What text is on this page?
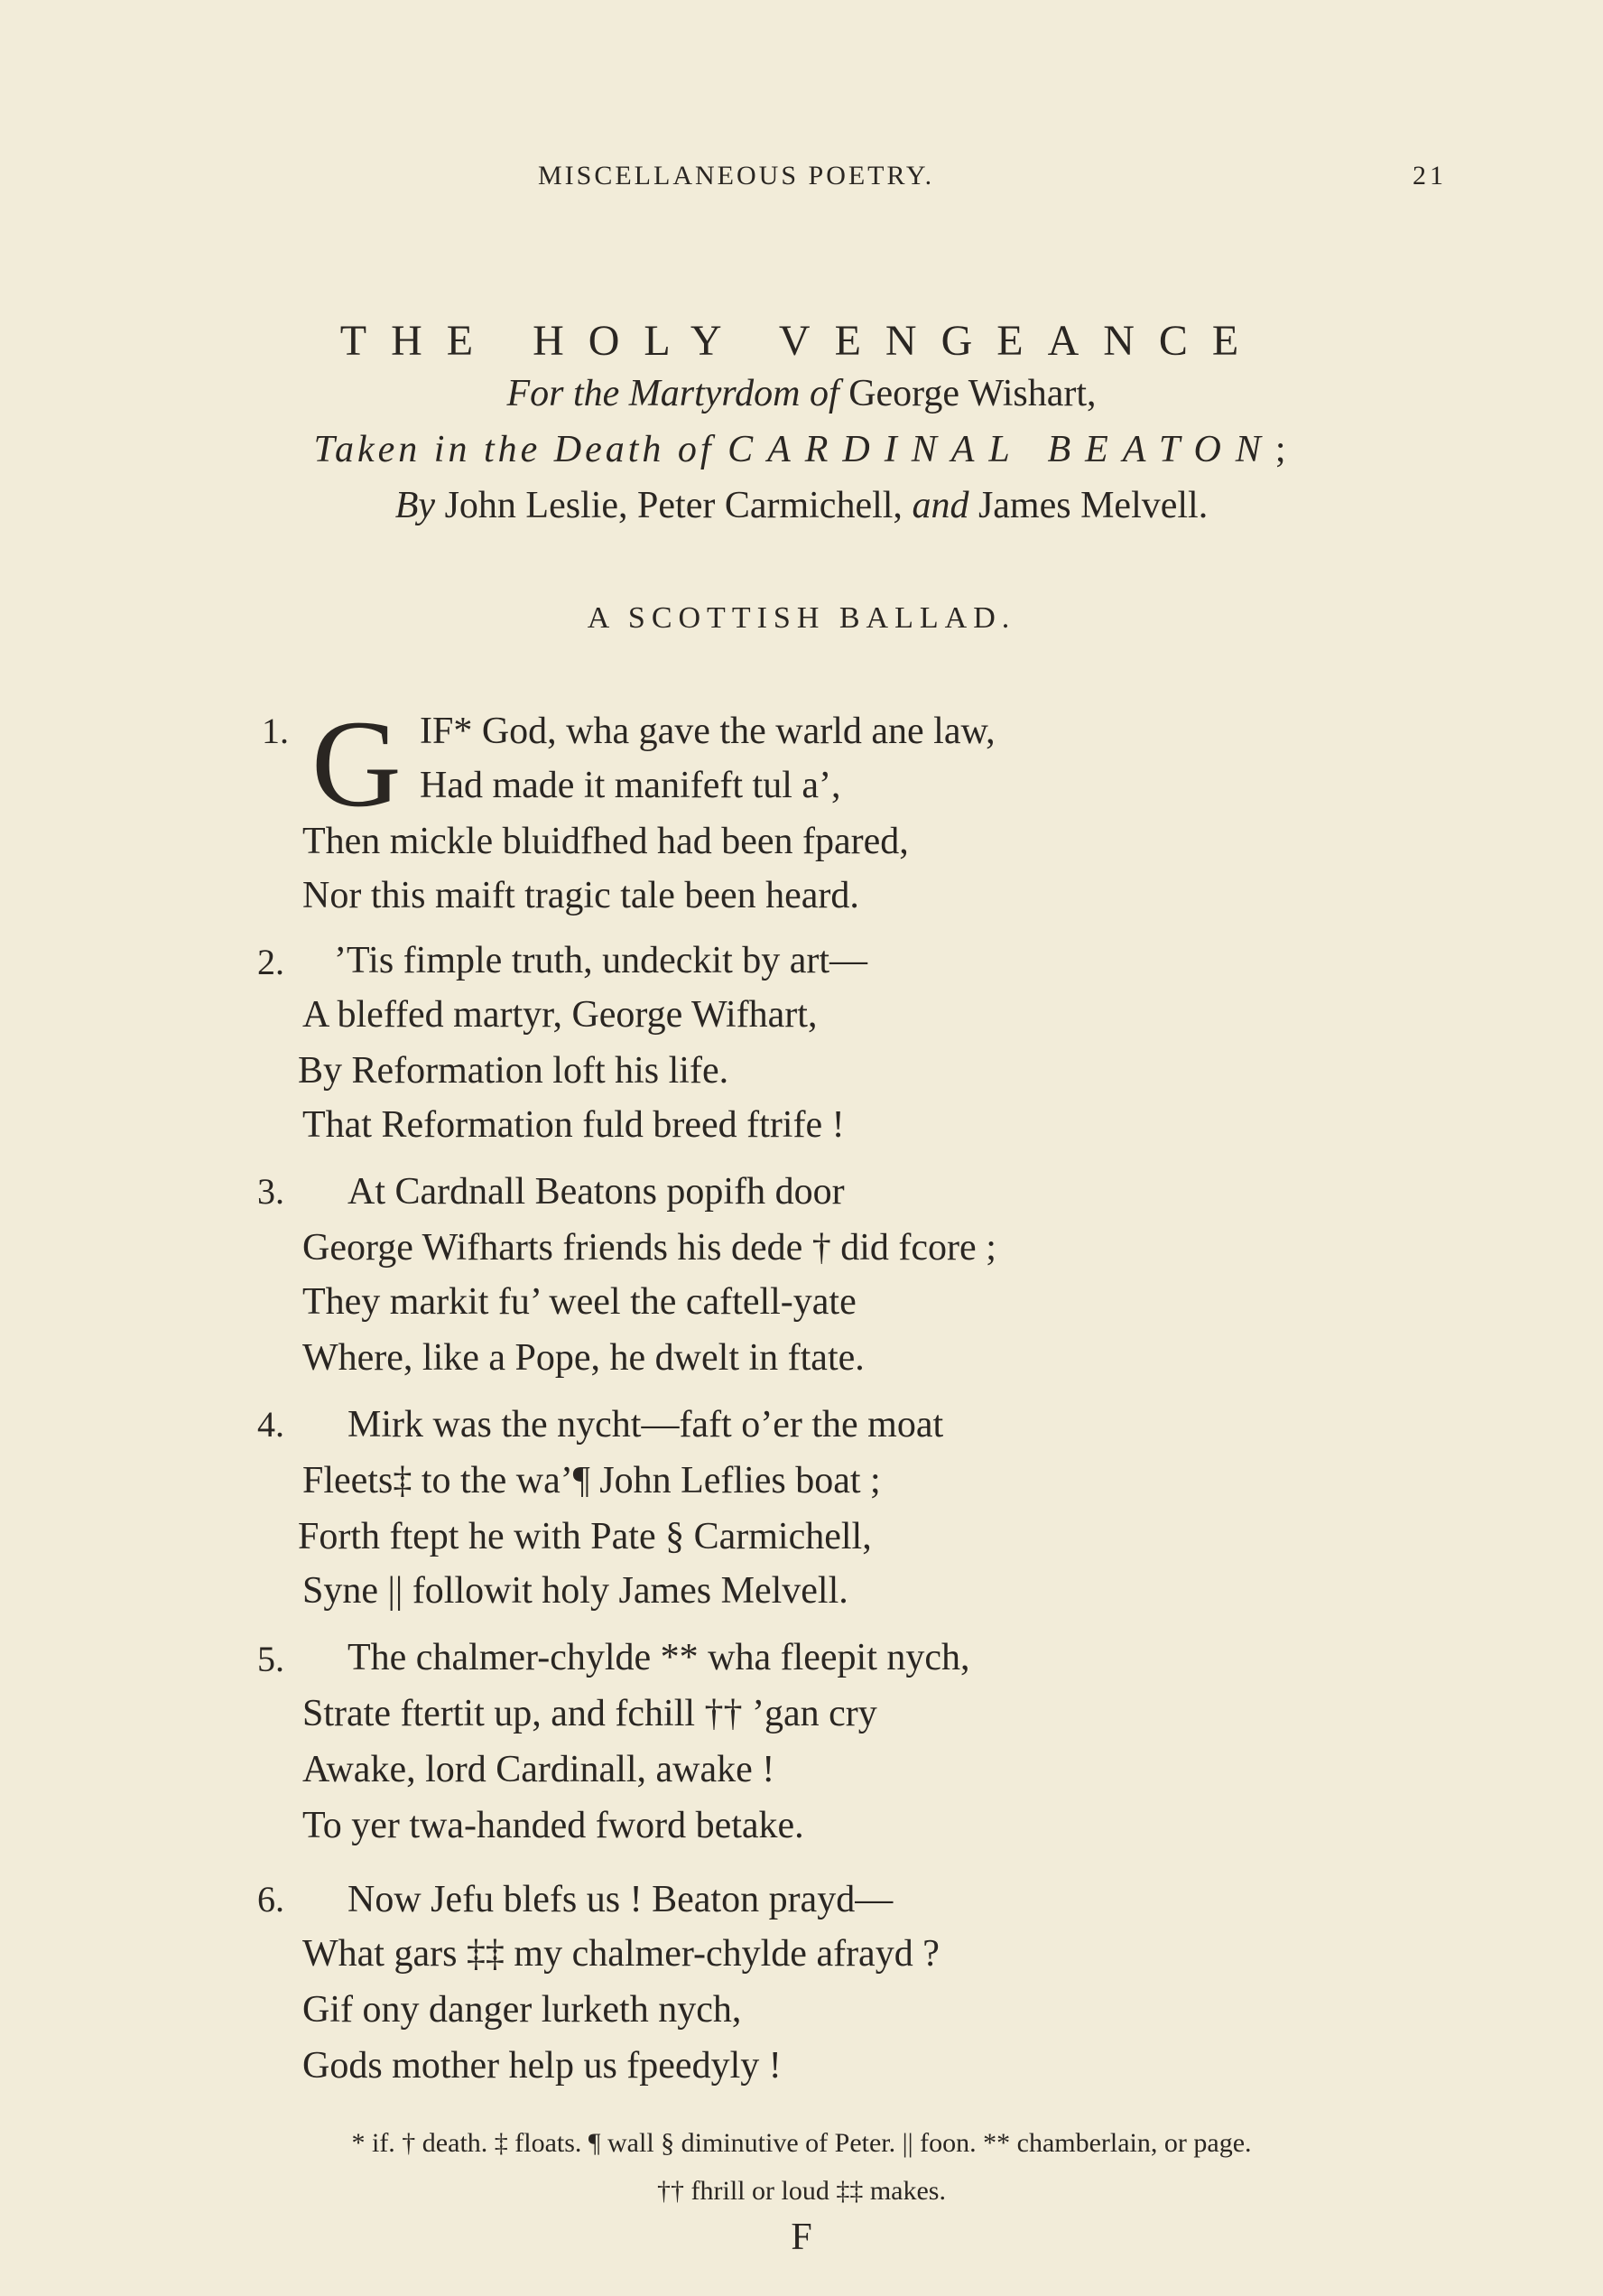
MISCELLANEOUS POETRY.	21
THE HOLY VENGEANCE
For the Martyrdom of George Wishart,
Taken in the Death of CARDINAL BEATON;
By John Leslie, Peter Carmichell, and James Melvell.
A SCOTTISH BALLAD.
G
1.	IF* God, wha gave the warld ane law,
Had made it manifeft tul a’,
Then mickle bluidfhed had been fpared,
Nor this maift tragic tale been heard.
2. ’Tis fimple truth, undeckit by art—
A bleffed martyr, George Wifhart,
By Reformation loft his life.
That Reformation fuld breed ftrife !
3. At Cardnall Beatons popifh door
George Wifharts friends his dede † did fcore ;
They markit fu’ weel the caftell-yate
Where, like a Pope, he dwelt in ftate.
4. Mirk was the nycht—faft o’er the moat
Fleets‡ to the wa’¶ John Leflies boat ;
Forth ftept he with Pate § Carmichell,
Syne || followit holy James Melvell.
5. The chalmer-chylde ** wha fleepit nych,
Strate ftertit up, and fchill †† ’gan cry
Awake, lord Cardinall, awake !
To yer twa-handed fword betake.
6. Now Jefu blefs us ! Beaton prayd—
What gars ‡‡ my chalmer-chylde afrayd ?
Gif ony danger lurketh nych,
Gods mother help us fpeedyly !
* if. † death. ‡ floats. ¶ wall § diminutive of Peter. || foon. ** chamberlain, or page.
†† fhrill or loud ‡‡ makes.
F
